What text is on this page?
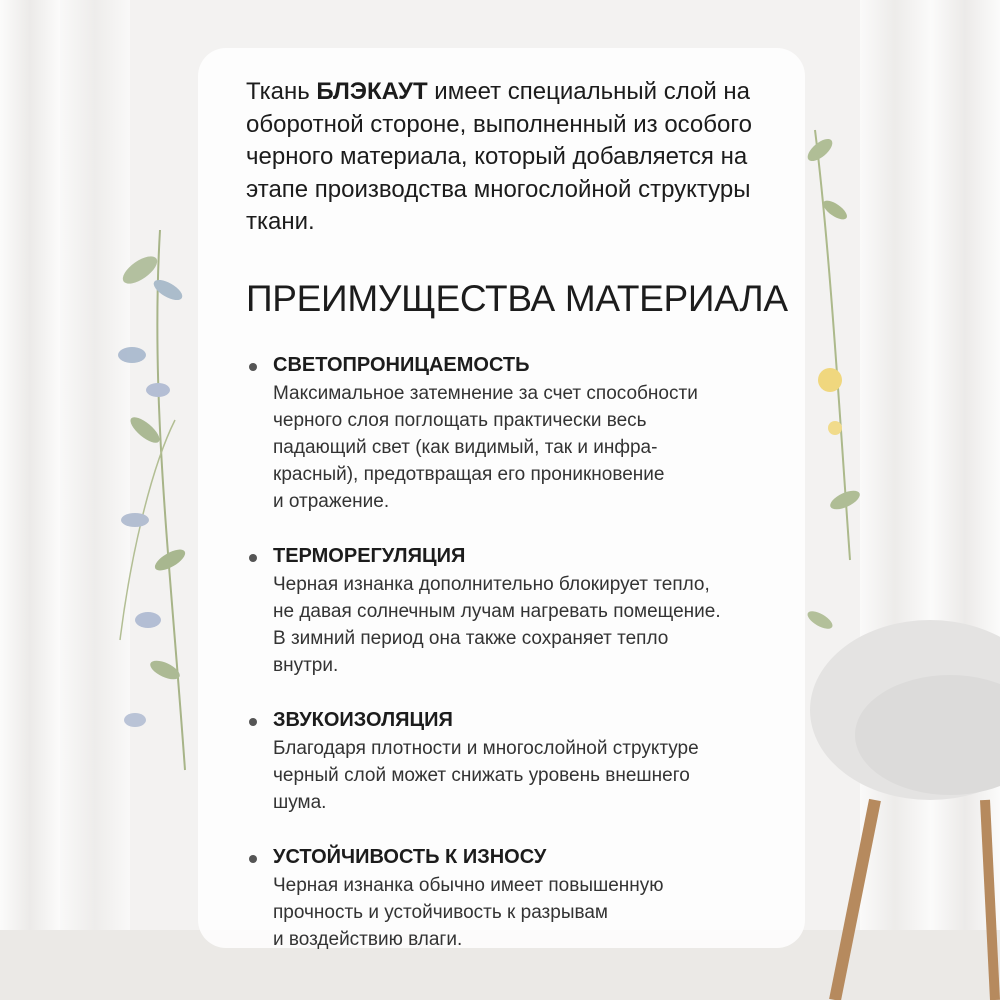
Ткань БЛЭКАУТ имеет специальный слой на оборотной стороне, выполненный из особого черного материала, который добавляется на этапе производства многослойной структуры ткани.

ПРЕИМУЩЕСТВА МАТЕРИАЛА
СВЕТОПРОНИЦАЕМОСТЬ
Максимальное затемнение за счет способности
черного слоя поглощать практически весь
падающий свет (как видимый, так и инфра-
красный), предотвращая его проникновение
и отражение.
ТЕРМОРЕГУЛЯЦИЯ
Черная изнанка дополнительно блокирует тепло,
не давая солнечным лучам нагревать помещение.
В зимний период она также сохраняет тепло
внутри.
ЗВУКОИЗОЛЯЦИЯ
Благодаря плотности и многослойной структуре
черный слой может снижать уровень внешнего
шума.
УСТОЙЧИВОСТЬ К ИЗНОСУ
Черная изнанка обычно имеет повышенную
прочность и устойчивость к разрывам
и воздействию влаги.
